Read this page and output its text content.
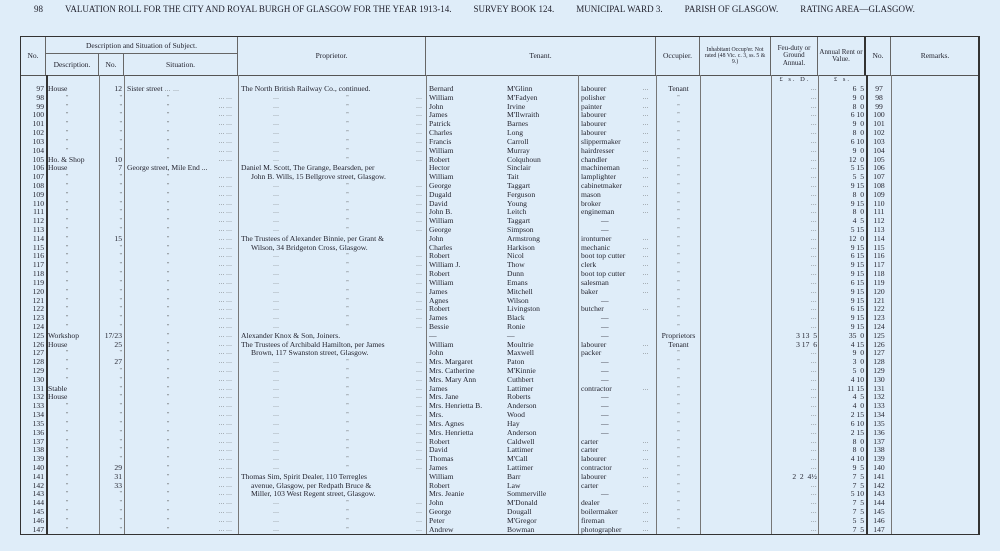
98 VALUATION ROLL FOR THE CITY AND ROYAL BURGH OF GLASGOW FOR THE YEAR 1913-14. SURVEY BOOK 124. MUNICIPAL WARD 3. PARISH OF GLASGOW. RATING AREA—GLASGOW.
No.
Description and Situation of Subject.
Description.	No.	Situation.
Proprietor.	Tenant.	Occupier.
Inhabitant Occup'er. Not rated (48 Vic. c. 3, ss. 5 & 9.)
Feu-duty or Ground Annual.
Annual Rent or Value.	No.	Remarks.
£ s. D.	£ s.
97 House	12 Sister street … …	The North British Railway Co., continued.	Bernard	M'Glinn	labourer	…	Tenant	...	6  5	97
98	"	"	"	… …	…	"	… William	M'Fadyen	polisher	…	"	...	9  0	98
99	"	"	"	… …	…	"	… John	Irvine	painter	…	"	...	8  0	99
100	"	"	"	… …	…	"	… James	M'Ilwraith	labourer	…	"	...	6 10	100
101	"	"	"	… …	…	"	… Patrick	Barnes	labourer	…	"	...	9  0	101
102	"	"	"	… …	…	"	… Charles	Long	labourer	…	"	...	8  0	102
103	"	"	"	… …	…	"	… Francis	Carroll	slippermaker	…	"	...	6 10	103
104	"	"	"	… …	…	"	… William	Murray	hairdresser	…	"	...	9  0	104
105 Ho. & Shop	10	"	… …	…	"	… Robert	Colquhoun	chandler	…	"	...	12  0	105
106 House	7 George street, Mile End ...	Daniel M. Scott, The Grange, Bearsden, per	Hector	Sinclair	machineman	…	"	...	5 15	106
107	"	"	"	… …	John B. Wills, 15 Bellgrove street, Glasgow.	William	Tait	lamplighter	…	"	...	5  5	107
108	"	"	"	… …	…	"	… George	Taggart	cabinetmaker	…	"	...	9 15	108
109	"	"	"	… …	…	"	… Dugald	Ferguson	mason	…	"	...	8  0	109
110	"	"	"	… …	…	"	… David	Young	broker	…	"	...	9 15	110
111	"	"	"	… …	…	"	… John B.	Leitch	engineman	…	"	...	8  0	111
112	"	"	"	… …	…	"	… William	Taggart	—	"	...	4  5	112
113	"	"	"	… …	…	"	… George	Simpson	—	"	...	5 15	113
114	"	15	"	… … The Trustees of Alexander Binnie, per Grant &	John	Armstrong	ironturner	…	"	...	12  0	114
115	"	"	"	… …	Wilson, 34 Bridgeton Cross, Glasgow.	Charles	Harkison	mechanic	…	"	...	9 15	115
116	"	"	"	… …	…	"	… Robert	Nicol	boot top cutter	…	"	...	6 15	116
117	"	"	"	… …	…	"	… William J.	Thow	clerk	…	"	...	9 15	117
118	"	"	"	… …	…	"	… Robert	Dunn	boot top cutter	…	"	...	9 15	118
119	"	"	"	… …	…	"	… William	Emans	salesman	…	"	...	6 15	119
120	"	"	"	… …	…	"	… James	Mitchell	baker	…	"	...	9 15	120
121	"	"	"	… …	…	"	… Agnes	Wilson	—	"	...	9 15	121
122	"	"	"	… …	…	"	… Robert	Livingston	butcher	…	"	...	6 15	122
123	"	"	"	… …	…	"	… James	Black	—	"	...	9 15	123
124	"	"	"	… …	…	"	… Bessie	Ronie	—	"	...	9 15	124
125 Workshop	17/23	"	… … Alexander Knox & Son, Joiners.	—	—	—	Proprietors	3 13  5	35  0	125
126 House	25	"	… … The Trustees of Archibald Hamilton, per James	William	Moultrie	labourer	…	Tenant	3 17  6	4 15	126
127	"	"	"	… …	Brown, 117 Swanston street, Glasgow.	John	Maxwell	packer	…	"	...	9  0	127
128	"	27	"	… …	…	"	… Mrs. Margaret	Paton	—	"	...	3  0	128
129	"	"	"	… …	…	"	… Mrs. Catherine	M'Kinnie	—	"	...	5  0	129
130	"	"	"	… …	…	"	… Mrs. Mary Ann	Cuthbert	—	"	...	4 10	130
131 Stable	"	"	… …	…	"	… James	Lattimer	contractor	…	"	...	11 15	131
132 House	"	"	… …	…	"	… Mrs. Jane	Roberts	—	"	...	4  5	132
133	"	"	"	… …	…	"	… Mrs. Henrietta B.	Anderson	—	"	...	4  0	133
134	"	"	"	… …	…	"	… Mrs.	Wood	—	"	...	2 15	134
135	"	"	"	… …	…	"	… Mrs. Agnes	Hay	—	"	...	6 10	135
136	"	"	"	… …	…	"	… Mrs. Henrietta	Anderson	—	"	...	2 15	136
137	"	"	"	… …	…	"	… Robert	Caldwell	carter	…	"	...	8  0	137
138	"	"	"	… …	…	"	… David	Lattimer	carter	…	"	...	8  0	138
139	"	"	"	… …	…	"	… Thomas	M'Call	labourer	…	"	...	4 10	139
140	"	29	"	… …	…	"	… James	Lattimer	contractor	…	"	...	9  5	140
141	"	31	"	… … Thomas Sim, Spirit Dealer, 110 Terregles	William	Barr	labourer	…	"	2  2  4½	7  5	141
142	"	33	"	… …	avenue, Glasgow, per Redpath Bruce &	Robert	Law	carter	…	"	...	7  5	142
143	"	"	"	… …	Miller, 103 West Regent street, Glasgow.	Mrs. Jeanie	Sommerville	—	"	...	5 10	143
144	"	"	"	… …	…	"	… John	M'Donald	dealer	…	"	...	7  5	144
145	"	"	"	… …	…	"	… George	Dougall	boilermaker	…	"	...	7  5	145
146	"	"	"	… …	…	"	… Peter	M'Gregor	fireman	…	"	...	5  5	146
147	"	"	"	… …	…	"	… Andrew	Bowman	photographer	…	"	...	7  5	147
